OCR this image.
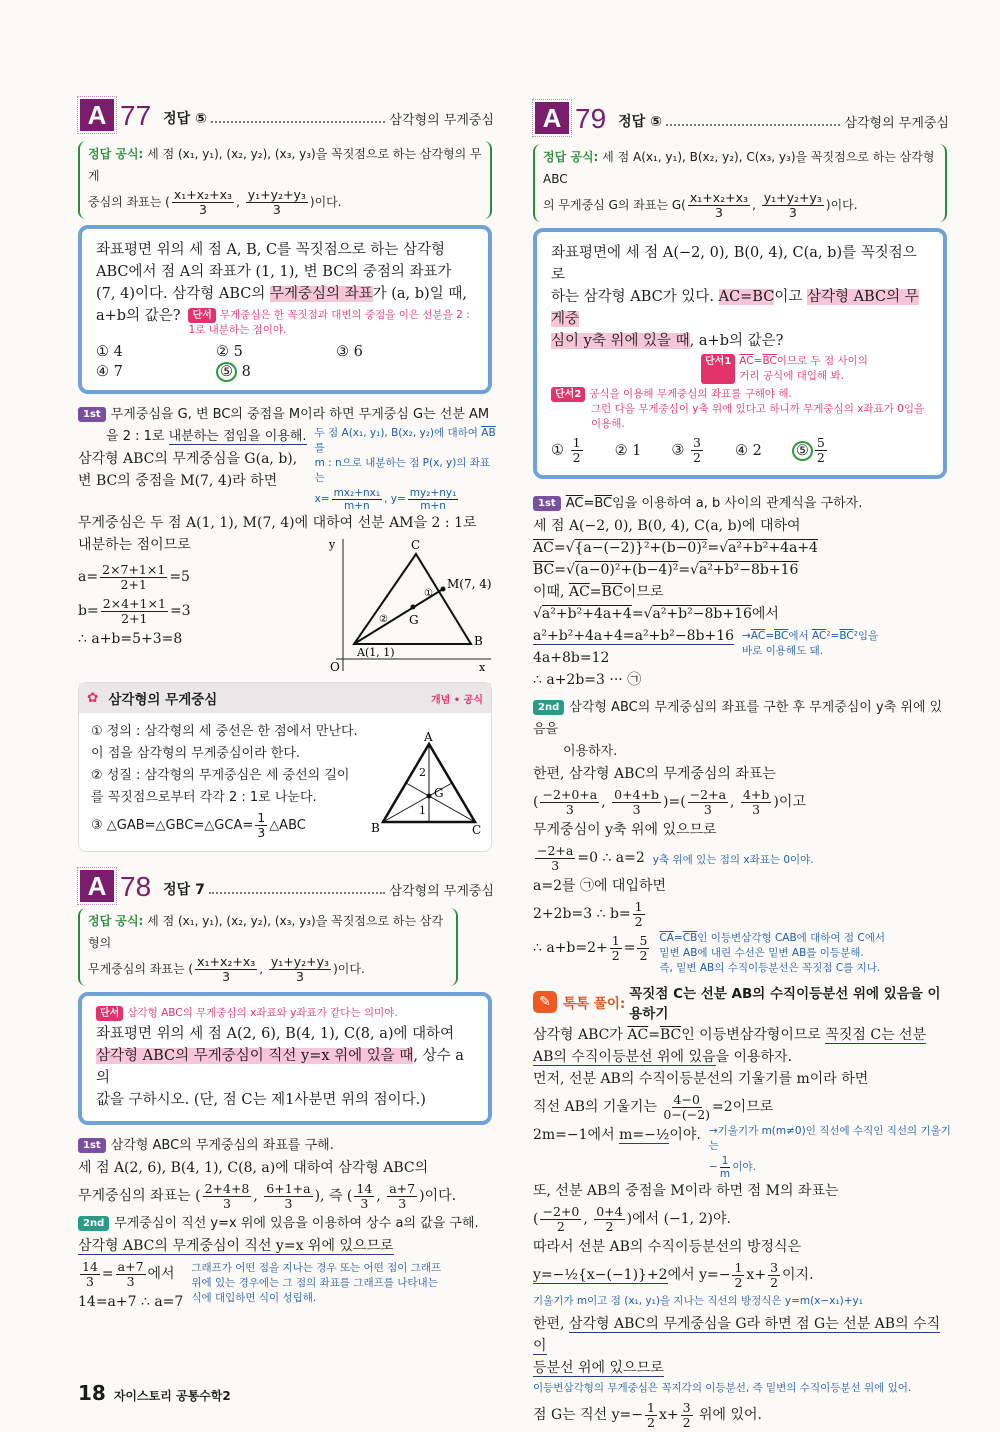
A 77 정답 ⑤	삼각형의 무게중심
정답 공식: 세 점 (x₁, y₁), (x₂, y₂), (x₃, y₃)을 꼭짓점으로 하는 삼각형의 무게
중심의 좌표는 ( $\frac{\text{x₁+x₂+x₃}}{3}$ , $\frac{\text{y₁+y₂+y₃}}{3}$ )이다.
좌표평면 위의 세 점 A, B, C를 꼭짓점으로 하는 삼각형
ABC에서 점 A의 좌표가 (1, 1), 변 BC의 중점의 좌표가
(7, 4)이다. 삼각형 ABC의 무게중심의 좌표가 (a, b)일 때,
a+b의 값은?	단서 무게중심은 한 꼭짓점과 대변의 중점을 이은 선분을 2 : 1로 내분하는 점이야.
① 4	② 5	③ 6
④ 7	⑤ 8
1st 무게중심을 G, 변 BC의 중점을 M이라 하면 무게중심 G는 선분 AM
을 2 : 1로 내분하는 점임을 이용해.
삼각형 ABC의 무게중심을 G(a, b),
변 BC의 중점을 M(7, 4)라 하면
두 점 A(x₁, y₁), B(x₂, y₂)에 대하여 $\overline{AB}$를
m : n으로 내분하는 점 P(x, y)의 좌표는
$x= \frac{\text{mx₂+nx₁}}{m+n}$ , $y= \frac{\text{my₂+ny₁}}{m+n}$
무게중심은 두 점 A(1, 1), M(7, 4)에 대하여 선분 AM을 2 : 1로
내분하는 점이므로
$a= \frac{2\times 7+1\times 1}{2+1} =5$
$b= \frac{2\times 4+1\times 1}{2+1} =3$
∴ a+b=5+3=8
y
x
O
C
M(7, 4)
G
B
A(1, 1)
①
②
✿ 삼각형의 무게중심	개념 • 공식
① 정의 : 삼각형의 세 중선은 한 점에서 만난다.
이 점을 삼각형의 무게중심이라 한다.
② 성질 : 삼각형의 무게중심은 세 중선의 길이
를 꼭짓점으로부터 각각 2 : 1로 나눈다.
③ △GAB=△GBC=△GCA= $\frac{1}{3}$ △ABC
A
B	C
G
2
1
A 78 정답 7	삼각형의 무게중심
정답 공식: 세 점 (x₁, y₁), (x₂, y₂), (x₃, y₃)을 꼭짓점으로 하는 삼각형의
무게중심의 좌표는 ( $\frac{\text{x₁+x₂+x₃}}{3}$ , $\frac{\text{y₁+y₂+y₃}}{3}$ )이다.
단서 삼각형 ABC의 무게중심의 x좌표와 y좌표가 같다는 의미야.
좌표평면 위의 세 점 A(2, 6), B(4, 1), C(8, a)에 대하여
삼각형 ABC의 무게중심이 직선 y=x 위에 있을 때, 상수 a의
값을 구하시오. (단, 점 C는 제1사분면 위의 점이다.)
1st 삼각형 ABC의 무게중심의 좌표를 구해.
세 점 A(2, 6), B(4, 1), C(8, a)에 대하여 삼각형 ABC의
무게중심의 좌표는 ( $\frac{2+4+8}{3}$ , $\frac{6+1+a}{3}$ ), 즉 ( $\frac{14}{3}$ , $\frac{a+7}{3}$ )이다.
2nd 무게중심이 직선 y=x 위에 있음을 이용하여 상수 a의 값을 구해.
삼각형 ABC의 무게중심이 직선 y=x 위에 있으므로
$\frac{14}{3} = \frac{a+7}{3}$ 에서
14=a+7 ∴ a=7
그래프가 어떤 점을 지나는 경우 또는 어떤 점이 그래프
위에 있는 경우에는 그 점의 좌표를 그래프를 나타내는
식에 대입하면 식이 성립해.
18 자이스토리 공통수학2
A 79 정답 ⑤	삼각형의 무게중심
정답 공식: 세 점 A(x₁, y₁), B(x₂, y₂), C(x₃, y₃)을 꼭짓점으로 하는 삼각형 ABC
의 무게중심 G의 좌표는 $G( \frac{\text{x₁+x₂+x₃}}{3}$ , $\frac{\text{y₁+y₂+y₃}}{3}$ )이다.
좌표평면에 세 점 A(−2, 0), B(0, 4), C(a, b)를 꼭짓점으로
하는 삼각형 ABC가 있다. AC=BC이고 삼각형 ABC의 무게중
심이 y축 위에 있을 때, a+b의 값은?
단서1 $\overline{AC}=\overline{BC}$이므로 두 점 사이의
거리 공식에 대입해 봐.
단서2 공식을 이용해 무게중심의 좌표를 구해야 해.
그런 다음 무게중심이 y축 위에 있다고 하니까 무게중심의 x좌표가 0임을 이용해.
① $\frac{1}{2}$ ② 1 ③ $\frac{3}{2}$ ④ 2 ⑤ $\frac{5}{2}$
1st $\overline{AC}=\overline{BC}$임을 이용하여 a, b 사이의 관계식을 구하자.
세 점 A(−2, 0), B(0, 4), C(a, b)에 대하여
$\overline{AC}=$ √ {a−(−2)}²+(b−0)²= √ a²+b²+4a+4
$\overline{BC}=$ √ (a−0)²+(b−4)²= √ a²+b²−8b+16
이때, $\overline{AC}=\overline{BC}$이므로
√ a²+b²+4a+4= √ a²+b²−8b+16에서
a²+b²+4a+4=a²+b²−8b+16
4a+8b=12
$\to\overline{AC}=\overline{BC}$에서 $\overline{AC}^2=\overline{BC}^2$임을
바로 이용해도 돼.
∴ a+2b=3 ··· ㉠
2nd 삼각형 ABC의 무게중심의 좌표를 구한 후 무게중심이 y축 위에 있음을
이용하자.
한편, 삼각형 ABC의 무게중심의 좌표는
( $\frac{-2+0+a}{3}$ , $\frac{0+4+b}{3}$ )=( $\frac{-2+a}{3}$ , $\frac{4+b}{3}$ )이고
무게중심이 y축 위에 있으므로
$\frac{-2+a}{3} =0$ ∴ a=2 y축 위에 있는 점의 x좌표는 0이야.
a=2를 ㉠에 대입하면
2+2b=3 ∴ $b= \frac{1}{2}$
∴ $a+b=2+ \frac{1}{2} = \frac{5}{2} \overline{CA}=\overline{CB}$인 이등변삼각형 CAB에 대하여 점 C에서
밑변 AB에 내린 수선은 밑변 AB를 이등분해.
즉, 밑변 AB의 수직이등분선은 꼭짓점 C를 지나.
✎ 톡톡 풀이:
꼭짓점 C는 선분 AB의 수직이등분선 위에 있음을 이용하기
삼각형 ABC가 $\overline{AC}=\overline{BC}$인 이등변삼각형이므로 꼭짓점 C는 선분
AB의 수직이등분선 위에 있음을 이용하자.
먼저, 선분 AB의 수직이등분선의 기울기를 m이라 하면
직선 AB의 기울기는 $\frac{4-0}{0-(-2)} =2$이므로
2m=−1에서 m=−½이야. →기울기가 m(m≠0)인 직선에 수직인 직선의 기울기는
− $\frac{1}{m}$ 이야.
또, 선분 AB의 중점을 M이라 하면 점 M의 좌표는
( $\frac{-2+0}{2}$ , $\frac{0+4}{2}$ )에서 (−1, 2)야.
따라서 선분 AB의 수직이등분선의 방정식은
y=−½{x−(−1)}+2에서 $y=- \frac{1}{2} x+ \frac{3}{2}$ 이지.
기울기가 m이고 점 (x₁, y₁)을 지나는 직선의 방정식은 y=m(x−x₁)+y₁
한편, 삼각형 ABC의 무게중심을 G라 하면 점 G는 선분 AB의 수직이
등분선 위에 있으므로
이등변삼각형의 무게중심은 꼭지각의 이등분선, 즉 밑변의 수직이등분선 위에 있어.
점 G는 직선 $y=- \frac{1}{2} x+ \frac{3}{2}$ 위에 있어.
